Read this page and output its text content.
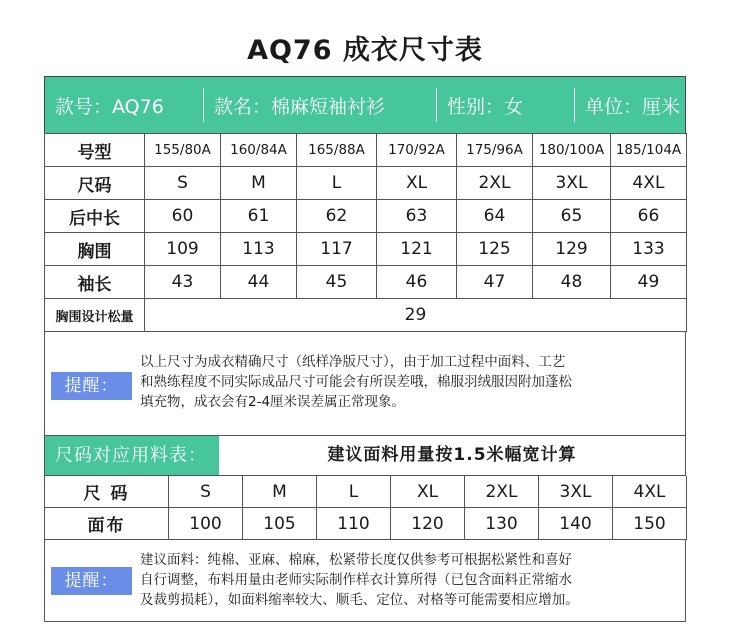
AQ76 成衣尺寸表
款号：AQ76	款名：棉麻短袖衬衫	性别：女	单位：厘米
号型	155/80A	160/84A	165/88A	170/92A	175/96A	180/100A	185/104A
尺码	S	M	L	XL	2XL	3XL	4XL
后中长	60	61	62	63	64	65	66
胸围	109	113	117	121	125	129	133
袖长	43	44	45	46	47	48	49
胸围设计松量	29						
提醒：
以上尺寸为成衣精确尺寸（纸样净版尺寸），由于加工过程中面料、工艺
和熟练程度不同实际成品尺寸可能会有所误差哦，棉服羽绒服因附加蓬松
填充物，成衣会有2-4厘米误差属正常现象。
尺码对应用料表：	建议面料用量按1.5米幅宽计算
尺 码	S	M	L	XL	2XL	3XL	4XL
面布	100	105	110	120	130	140	150
提醒：
建议面料：纯棉、亚麻、棉麻，松紧带长度仅供参考可根据松紧性和喜好
自行调整，布料用量由老师实际制作样衣计算所得（已包含面料正常缩水
及裁剪损耗），如面料缩率较大、顺毛、定位、对格等可能需要相应增加。
